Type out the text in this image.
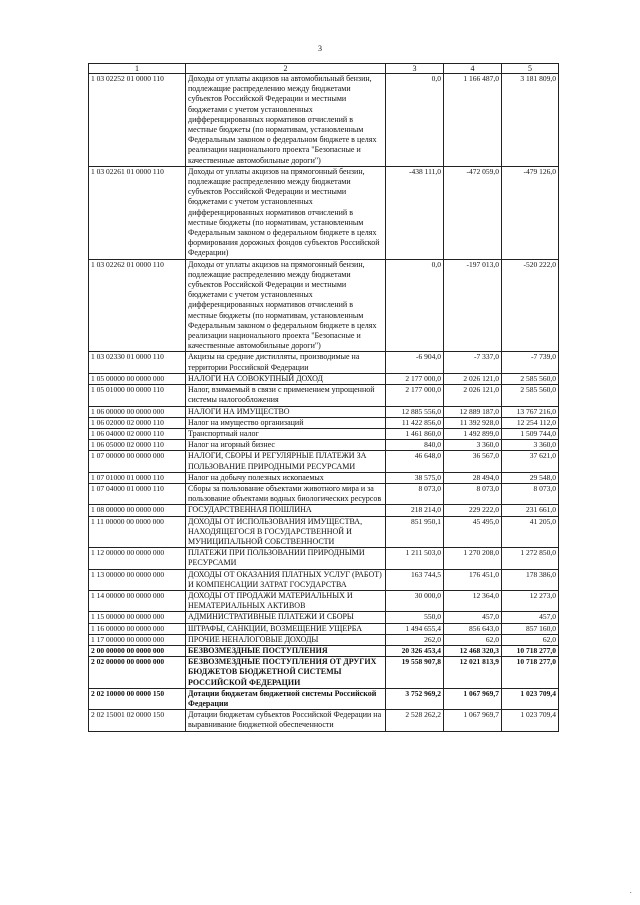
3
1	2	3	4	5
1 03 02252 01 0000 110	Доходы от уплаты акцизов на автомобильный бензин, подлежащие распределению между бюджетами субъектов Российской Федерации и местными бюджетами с учетом установленных дифференцированных нормативов отчислений в местные бюджеты (по нормативам, установленным Федеральным законом о федеральном бюджете в целях реализации национального проекта "Безопасные и качественные автомобильные дороги")	0,0	1 166 487,0	3 181 809,0
1 03 02261 01 0000 110	Доходы от уплаты акцизов на прямогонный бензин, подлежащие распределению между бюджетами субъектов Российской Федерации и местными бюджетами с учетом установленных дифференцированных нормативов отчислений в местные бюджеты (по нормативам, установленным Федеральным законом о федеральном бюджете в целях формирования дорожных фондов субъектов Российской Федерации)	-438 111,0	-472 059,0	-479 126,0
1 03 02262 01 0000 110	Доходы от уплаты акцизов на прямогонный бензин, подлежащие распределению между бюджетами субъектов Российской Федерации и местными бюджетами с учетом установленных дифференцированных нормативов отчислений в местные бюджеты (по нормативам, установленным Федеральным законом о федеральном бюджете в целях реализации национального проекта "Безопасные и качественные автомобильные дороги")	0,0	-197 013,0	-520 222,0
1 03 02330 01 0000 110	Акцизы на средние дистилляты, производимые на территории Российской Федерации	-6 904,0	-7 337,0	-7 739,0
1 05 00000 00 0000 000	НАЛОГИ НА СОВОКУПНЫЙ ДОХОД	2 177 000,0	2 026 121,0	2 585 560,0
1 05 01000 00 0000 110	Налог, взимаемый в связи с применением упрощенной системы налогообложения	2 177 000,0	2 026 121,0	2 585 560,0
1 06 00000 00 0000 000	НАЛОГИ НА ИМУЩЕСТВО	12 885 556,0	12 889 187,0	13 767 216,0
1 06 02000 02 0000 110	Налог на имущество организаций	11 422 856,0	11 392 928,0	12 254 112,0
1 06 04000 02 0000 110	Транспортный налог	1 461 860,0	1 492 899,0	1 509 744,0
1 06 05000 02 0000 110	Налог на игорный бизнес	840,0	3 360,0	3 360,0
1 07 00000 00 0000 000	НАЛОГИ, СБОРЫ И РЕГУЛЯРНЫЕ ПЛАТЕЖИ ЗА ПОЛЬЗОВАНИЕ ПРИРОДНЫМИ РЕСУРСАМИ	46 648,0	36 567,0	37 621,0
1 07 01000 01 0000 110	Налог на добычу полезных ископаемых	38 575,0	28 494,0	29 548,0
1 07 04000 01 0000 110	Сборы за пользование объектами животного мира и за пользование объектами водных биологических ресурсов	8 073,0	8 073,0	8 073,0
1 08 00000 00 0000 000	ГОСУДАРСТВЕННАЯ ПОШЛИНА	218 214,0	229 222,0	231 661,0
1 11 00000 00 0000 000	ДОХОДЫ ОТ ИСПОЛЬЗОВАНИЯ ИМУЩЕСТВА, НАХОДЯЩЕГОСЯ В ГОСУДАРСТВЕННОЙ И МУНИЦИПАЛЬНОЙ СОБСТВЕННОСТИ	851 950,1	45 495,0	41 205,0
1 12 00000 00 0000 000	ПЛАТЕЖИ ПРИ ПОЛЬЗОВАНИИ ПРИРОДНЫМИ РЕСУРСАМИ	1 211 503,0	1 270 208,0	1 272 850,0
1 13 00000 00 0000 000	ДОХОДЫ ОТ ОКАЗАНИЯ ПЛАТНЫХ УСЛУГ (РАБОТ) И КОМПЕНСАЦИИ ЗАТРАТ ГОСУДАРСТВА	163 744,5	176 451,0	178 386,0
1 14 00000 00 0000 000	ДОХОДЫ ОТ ПРОДАЖИ МАТЕРИАЛЬНЫХ И НЕМАТЕРИАЛЬНЫХ АКТИВОВ	30 000,0	12 364,0	12 273,0
1 15 00000 00 0000 000	АДМИНИСТРАТИВНЫЕ ПЛАТЕЖИ И СБОРЫ	550,0	457,0	457,0
1 16 00000 00 0000 000	ШТРАФЫ, САНКЦИИ, ВОЗМЕЩЕНИЕ УЩЕРБА	1 494 655,4	856 643,0	857 160,0
1 17 00000 00 0000 000	ПРОЧИЕ НЕНАЛОГОВЫЕ ДОХОДЫ	262,0	62,0	62,0
2 00 00000 00 0000 000	БЕЗВОЗМЕЗДНЫЕ ПОСТУПЛЕНИЯ	20 326 453,4	12 468 320,3	10 718 277,0
2 02 00000 00 0000 000	БЕЗВОЗМЕЗДНЫЕ ПОСТУПЛЕНИЯ ОТ ДРУГИХ БЮДЖЕТОВ БЮДЖЕТНОЙ СИСТЕМЫ РОССИЙСКОЙ ФЕДЕРАЦИИ	19 558 907,8	12 021 813,9	10 718 277,0
2 02 10000 00 0000 150	Дотации бюджетам бюджетной системы Российской Федерации	3 752 969,2	1 067 969,7	1 023 709,4
2 02 15001 02 0000 150	Дотации бюджетам субъектов Российской Федерации на выравнивание бюджетной обеспеченности	2 528 262,2	1 067 969,7	1 023 709,4
·
